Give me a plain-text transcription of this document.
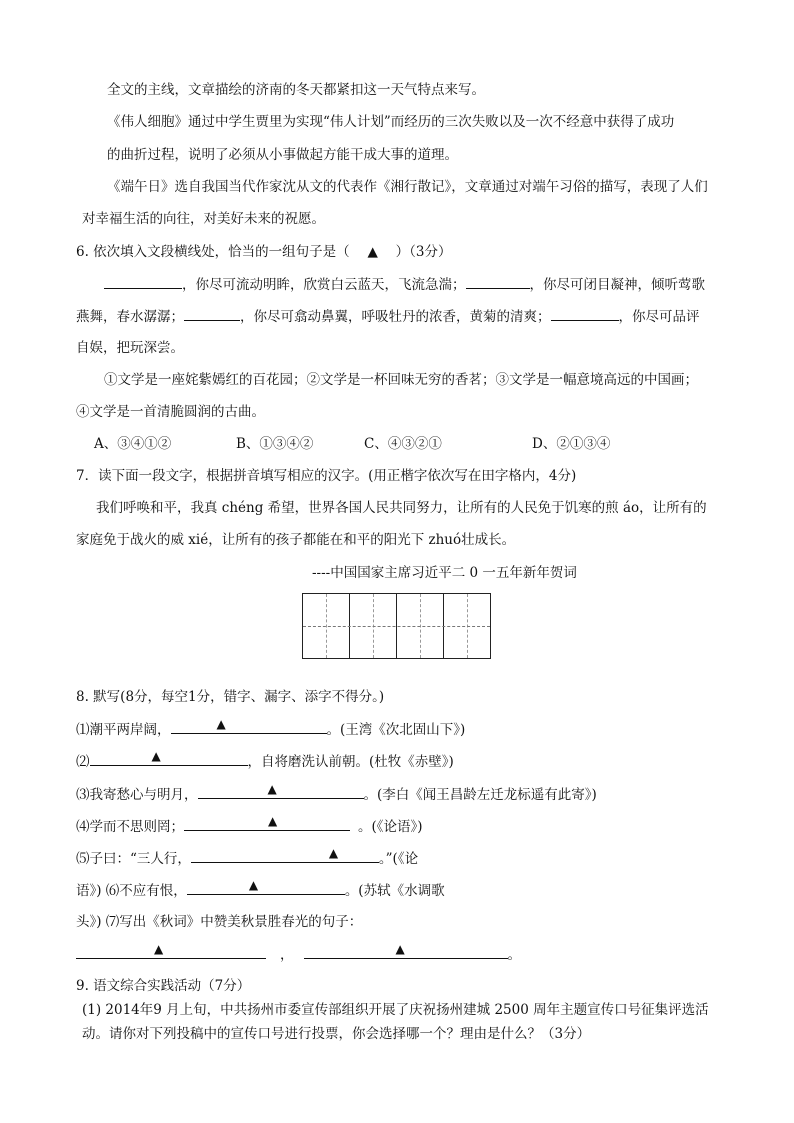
全文的主线，文章描绘的济南的冬天都紧扣这一天气特点来写。
《伟人细胞》通过中学生贾里为实现“伟人计划”而经历的三次失败以及一次不经意中获得了成功
的曲折过程，说明了必须从小事做起方能干成大事的道理。
《端午日》选自我国当代作家沈从文的代表作《湘行散记》，文章通过对端午习俗的描写，表现了人们
对幸福生活的向往，对美好未来的祝愿。
6. 依次填入文段横线处，恰当的一组句子是（ ▲ ）（3分）
，你尽可流动明眸，欣赏白云蓝天，飞流急湍；	，你尽可闭目凝神，倾听莺歌
燕舞，春水潺潺；	，你尽可翕动鼻翼，呼吸牡丹的浓香，黄菊的清爽；	，你尽可品评
自娱，把玩深尝。
①文学是一座姹紫嫣红的百花园；②文学是一杯回味无穷的香茗；③文学是一幅意境高远的中国画；
④文学是一首清脆圆润的古曲。
A、③④①②	B、①③④②	C、④③②①	D、②①③④
7．读下面一段文字，根据拼音填写相应的汉字。(用正楷字依次写在田字格内，4分)
我们呼唤和平，我真 chéng 希望，世界各国人民共同努力，让所有的人民免于饥寒的煎 áo，让所有的
家庭免于战火的威 xié，让所有的孩子都能在和平的阳光下 zhuó壮成长。
----中国国家主席习近平二 0 一五年新年贺词
8. 默写(8分，每空1分，错字、漏字、添字不得分。)
⑴潮平两岸阔，	▲	。(王湾《次北固山下》)
⑵	▲	，自将磨洗认前朝。(杜牧《赤壁》)
⑶我寄愁心与明月，	▲	。(李白《闻王昌龄左迁龙标遥有此寄》)
⑷学而不思则罔；	▲	。(《论语》)
⑸子曰：“三人行，	▲	。”(《论
语》) ⑹不应有恨，	▲	。(苏轼《水调歌
头》) ⑺写出《秋词》中赞美秋景胜春光的句子：
▲	，	▲	。
9. 语文综合实践活动（7分）
(1) 2014年9 月上旬，中共扬州市委宣传部组织开展了庆祝扬州建城 2500 周年主题宣传口号征集评选活
动。请你对下列投稿中的宣传口号进行投票，你会选择哪一个？理由是什么？（3分）
